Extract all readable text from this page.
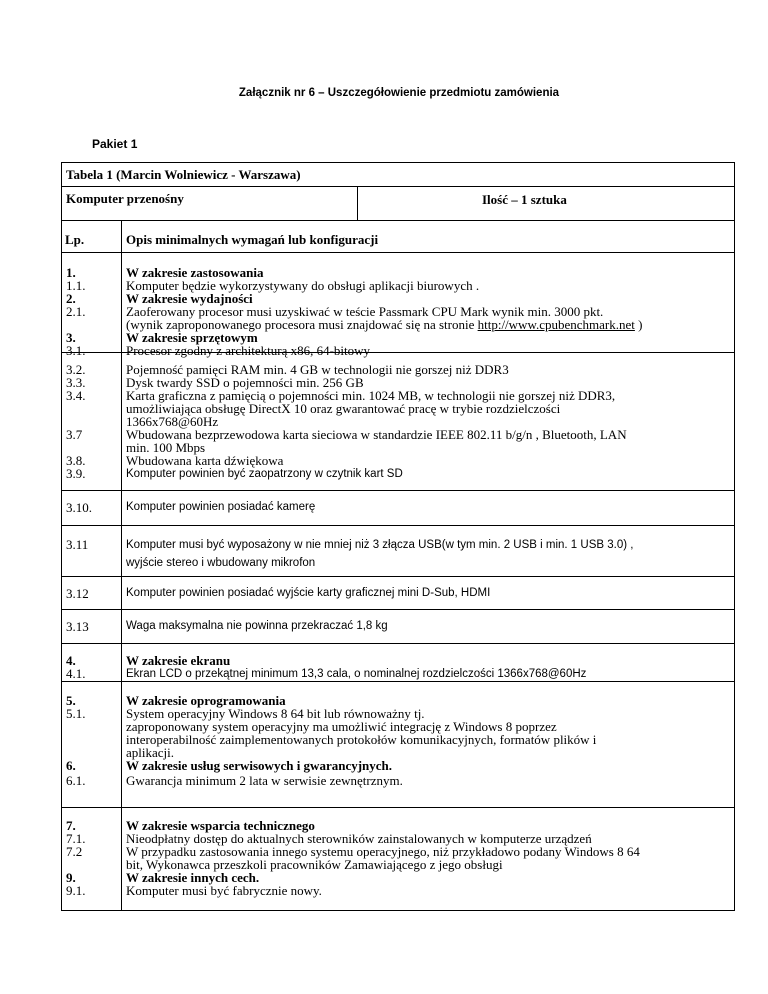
Załącznik nr 6 – Uszczegółowienie przedmiotu zamówienia
Pakiet 1
Tabela 1 (Marcin Wolniewicz - Warszawa)
Komputer przenośny	Ilość – 1 sztuka
Lp.	Opis minimalnych wymagań lub konfiguracji
1.	W zakresie zastosowania
1.1.	Komputer będzie wykorzystywany do obsługi aplikacji biurowych .
2.	W zakresie wydajności
2.1.	Zaoferowany procesor musi uzyskiwać w teście Passmark CPU Mark wynik min. 3000 pkt.
(wynik zaproponowanego procesora musi znajdować się na stronie http://www.cpubenchmark.net )
3.	W zakresie sprzętowym
3.1.	Procesor zgodny z architekturą x86, 64-bitowy
3.2.	Pojemność pamięci RAM min. 4 GB w technologii nie gorszej niż DDR3
3.3.	Dysk twardy SSD o pojemności min. 256 GB
3.4.	Karta graficzna z pamięcią o pojemności min. 1024 MB, w technologii nie gorszej niż DDR3,
umożliwiająca obsługę DirectX 10 oraz gwarantować pracę w trybie rozdzielczości
1366x768@60Hz
3.7	Wbudowana bezprzewodowa karta sieciowa w standardzie IEEE 802.11 b/g/n , Bluetooth, LAN
min. 100 Mbps
3.8.	Wbudowana karta dźwiękowa
3.9.	Komputer powinien być zaopatrzony w czytnik kart SD
3.10.	Komputer powinien posiadać kamerę
3.11	Komputer musi być wyposażony w nie mniej niż 3 złącza USB(w tym min. 2 USB i min. 1 USB 3.0) ,
wyjście stereo i wbudowany mikrofon
3.12	Komputer powinien posiadać wyjście karty graficznej mini D-Sub, HDMI
3.13	Waga maksymalna nie powinna przekraczać 1,8 kg
4.	W zakresie ekranu
4.1.	Ekran LCD o przekątnej minimum 13,3 cala, o nominalnej rozdzielczości 1366x768@60Hz
5.	W zakresie oprogramowania
5.1.	System operacyjny Windows 8 64 bit lub równoważny tj.
zaproponowany system operacyjny ma umożliwić integrację z Windows 8 poprzez
interoperabilność zaimplementowanych protokołów komunikacyjnych, formatów plików i
aplikacji.
6.	W zakresie usług serwisowych i gwarancyjnych.
6.1.	Gwarancja minimum 2 lata w serwisie zewnętrznym.
7.	W zakresie wsparcia technicznego
7.1.	Nieodpłatny dostęp do aktualnych sterowników zainstalowanych w komputerze urządzeń
7.2	W przypadku zastosowania innego systemu operacyjnego, niż przykładowo podany Windows 8 64
bit, Wykonawca przeszkoli pracowników Zamawiającego z jego obsługi
9.	W zakresie innych cech.
9.1.	Komputer musi być fabrycznie nowy.
